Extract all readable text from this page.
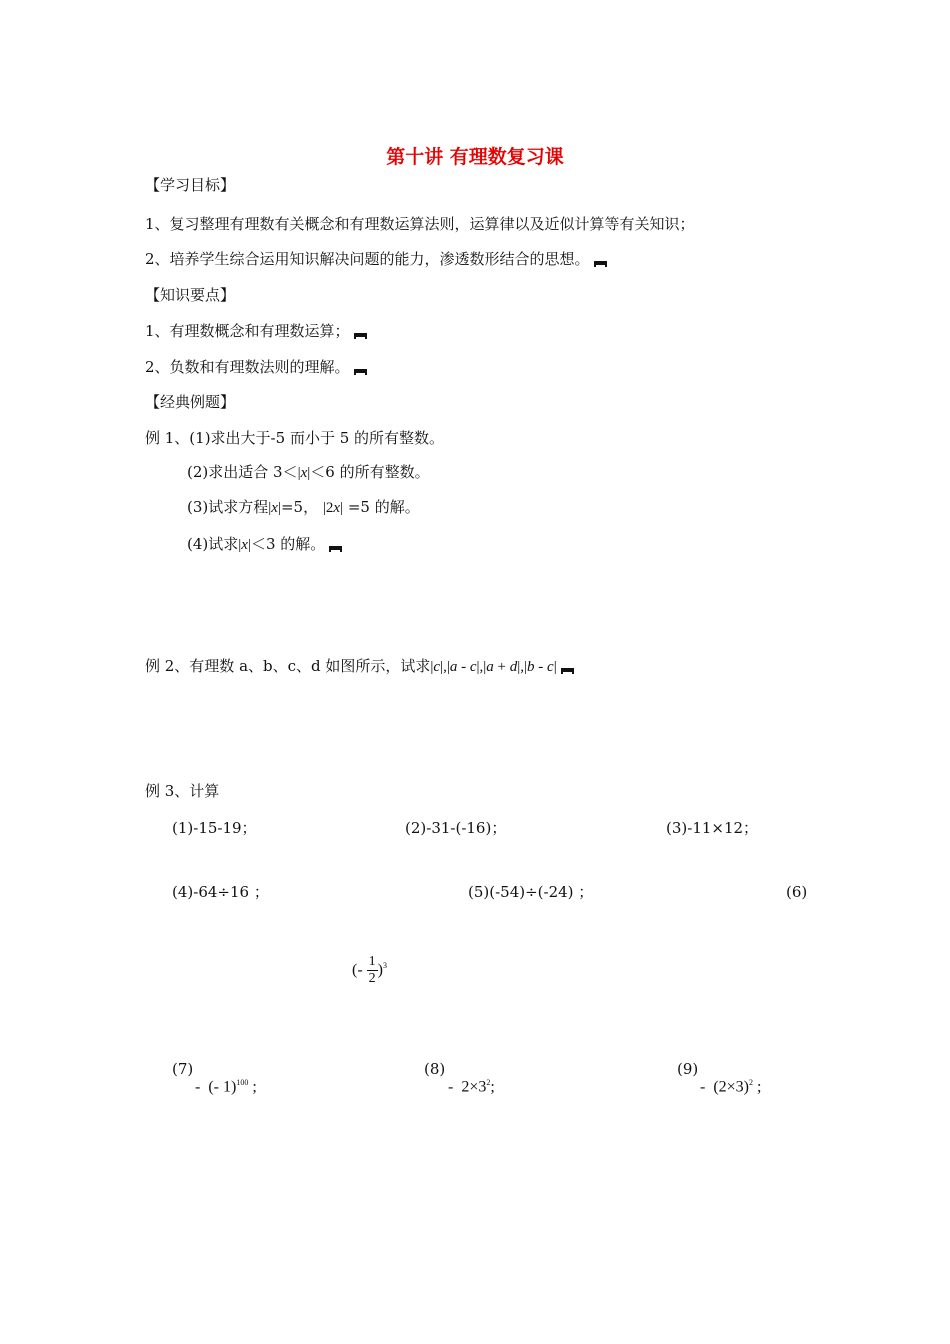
第十讲 有理数复习课
【学习目标】
1、复习整理有理数有关概念和有理数运算法则，运算律以及近似计算等有关知识；
2、培养学生综合运用知识解决问题的能力，渗透数形结合的思想。
【知识要点】
1、有理数概念和有理数运算；
2、负数和有理数法则的理解。
【经典例题】
例 1、(1)求出大于-5 而小于 5 的所有整数。
(2)求出适合 3＜|x|＜6 的所有整数。
(3)试求方程|x|=5， |2x| =5 的解。
(4)试求|x|＜3 的解。
例 2、有理数 a、b、c、d 如图所示，试求|c|,|a - c|,|a + d|,|b - c|
例 3、计算
(1)-15-19；	(2)-31-(-16)；	(3)-11×12；
(4)-64÷16 ；	(5)(-54)÷(-24) ；	(6)
(- $\frac{1}{2} )^3$
(7)
-  (- 1)$^{100}$ ;
(8)
-  $2\times 3^2$;
(9)
-  $(2\times 3)^2$ ;
